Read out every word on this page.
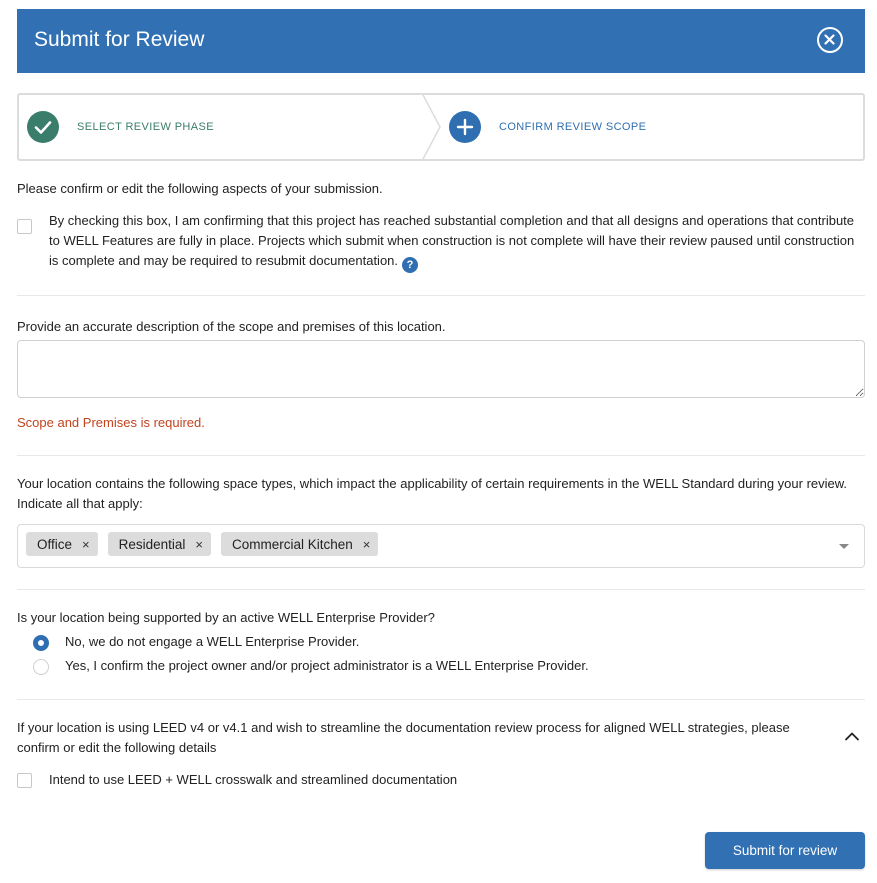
Submit for Review
SELECT REVIEW PHASE	CONFIRM REVIEW SCOPE
Please confirm or edit the following aspects of your submission.
By checking this box, I am confirming that this project has reached substantial completion and that all designs and operations that contribute to WELL Features are fully in place. Projects which submit when construction is not complete will have their review paused until construction is complete and may be required to resubmit documentation. ?
Provide an accurate description of the scope and premises of this location.
Scope and Premises is required.
Your location contains the following space types, which impact the applicability of certain requirements in the WELL Standard during your review. Indicate all that apply:
Office × Residential × Commercial Kitchen ×
Is your location being supported by an active WELL Enterprise Provider?
No, we do not engage a WELL Enterprise Provider.
Yes, I confirm the project owner and/or project administrator is a WELL Enterprise Provider.
If your location is using LEED v4 or v4.1 and wish to streamline the documentation review process for aligned WELL strategies, please confirm or edit the following details
Intend to use LEED + WELL crosswalk and streamlined documentation
Submit for review
